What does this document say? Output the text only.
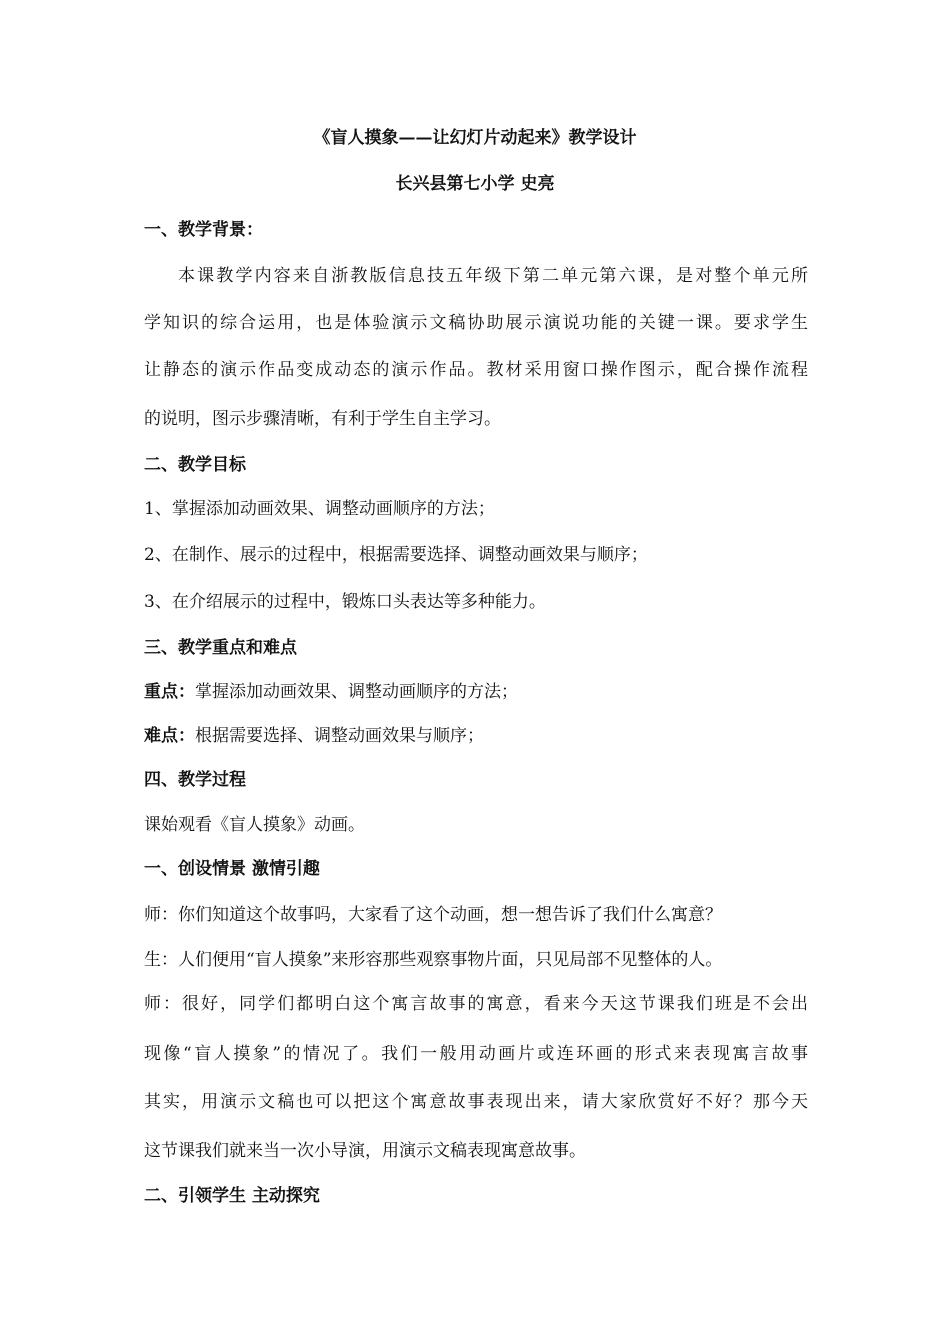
《盲人摸象——让幻灯片动起来》教学设计
长兴县第七小学 史亮
一、教学背景：
本课教学内容来自浙教版信息技五年级下第二单元第六课，是对整个单元所
学知识的综合运用，也是体验演示文稿协助展示演说功能的关键一课。要求学生
让静态的演示作品变成动态的演示作品。教材采用窗口操作图示，配合操作流程
的说明，图示步骤清晰，有利于学生自主学习。
二、教学目标
1、掌握添加动画效果、调整动画顺序的方法；
2、在制作、展示的过程中，根据需要选择、调整动画效果与顺序；
3、在介绍展示的过程中，锻炼口头表达等多种能力。
三、教学重点和难点
重点：掌握添加动画效果、调整动画顺序的方法；
难点：根据需要选择、调整动画效果与顺序；
四、教学过程
课始观看《盲人摸象》动画。
一、创设情景 激情引趣
师：你们知道这个故事吗，大家看了这个动画，想一想告诉了我们什么寓意？
生：人们便用“盲人摸象”来形容那些观察事物片面，只见局部不见整体的人。
师：很好，同学们都明白这个寓言故事的寓意，看来今天这节课我们班是不会出
现像“盲人摸象”的情况了。我们一般用动画片或连环画的形式来表现寓言故事
其实，用演示文稿也可以把这个寓意故事表现出来，请大家欣赏好不好？那今天
这节课我们就来当一次小导演，用演示文稿表现寓意故事。
二、引领学生 主动探究
